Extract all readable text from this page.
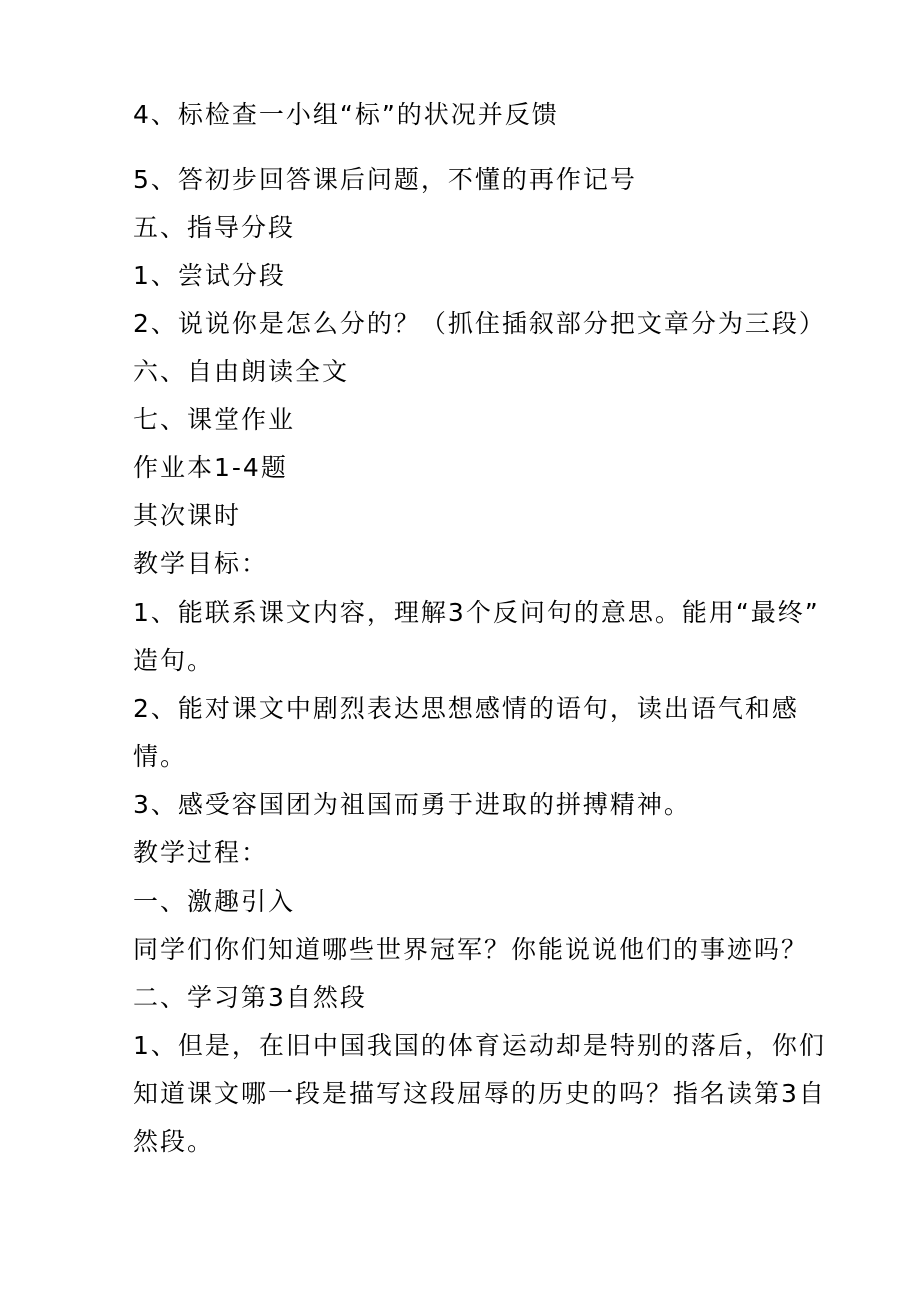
4、标检查一小组“标”的状况并反馈
5、答初步回答课后问题，不懂的再作记号
五、指导分段
1、尝试分段
2、说说你是怎么分的？（抓住插叙部分把文章分为三段）
六、自由朗读全文
七、课堂作业
作业本1-4题
其次课时
教学目标：
1、能联系课文内容，理解3个反问句的意思。能用“最终”
造句。
2、能对课文中剧烈表达思想感情的语句，读出语气和感
情。
3、感受容国团为祖国而勇于进取的拼搏精神。
教学过程：
一、激趣引入
同学们你们知道哪些世界冠军？你能说说他们的事迹吗？
二、学习第3自然段
1、但是，在旧中国我国的体育运动却是特别的落后，你们
知道课文哪一段是描写这段屈辱的历史的吗？指名读第3自
然段。
